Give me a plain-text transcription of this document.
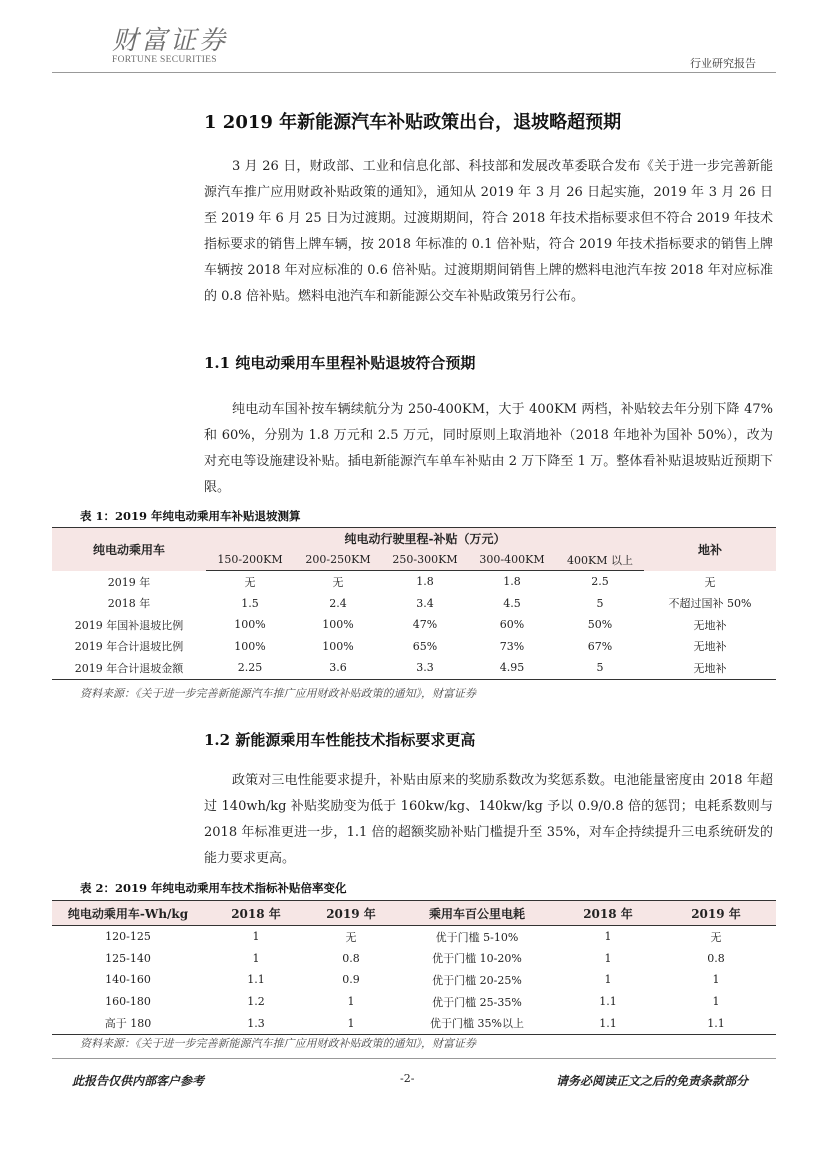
财富证券
FORTUNE SECURITIES	行业研究报告
1 2019 年新能源汽车补贴政策出台，退坡略超预期
3 月 26 日，财政部、工业和信息化部、科技部和发展改革委联合发布《关于进一步完善新能源汽车推广应用财政补贴政策的通知》，通知从 2019 年 3 月 26 日起实施，2019 年 3 月 26 日至 2019 年 6 月 25 日为过渡期。过渡期期间，符合 2018 年技术指标要求但不符合 2019 年技术指标要求的销售上牌车辆，按 2018 年标准的 0.1 倍补贴，符合 2019 年技术指标要求的销售上牌车辆按 2018 年对应标准的 0.6 倍补贴。过渡期期间销售上牌的燃料电池汽车按 2018 年对应标准的 0.8 倍补贴。燃料电池汽车和新能源公交车补贴政策另行公布。
1.1 纯电动乘用车里程补贴退坡符合预期
纯电动车国补按车辆续航分为 250-400KM，大于 400KM 两档，补贴较去年分别下降 47%和 60%，分别为 1.8 万元和 2.5 万元，同时原则上取消地补（2018 年地补为国补 50%），改为对充电等设施建设补贴。插电新能源汽车单车补贴由 2 万下降至 1 万。整体看补贴退坡贴近预期下限。
表 1：2019 年纯电动乘用车补贴退坡测算
纯电动乘用车	纯电动行驶里程-补贴（万元）					地补
	150-200KM	200-250KM	250-300KM	300-400KM	400KM 以上	
2019 年	无	无	1.8	1.8	2.5	无
2018 年	1.5	2.4	3.4	4.5	5	不超过国补 50%
2019 年国补退坡比例	100%	100%	47%	60%	50%	无地补
2019 年合计退坡比例	100%	100%	65%	73%	67%	无地补
2019 年合计退坡金额	2.25	3.6	3.3	4.95	5	无地补
资料来源：《关于进一步完善新能源汽车推广应用财政补贴政策的通知》，财富证券
1.2 新能源乘用车性能技术指标要求更高
政策对三电性能要求提升，补贴由原来的奖励系数改为奖惩系数。电池能量密度由 2018 年超过 140wh/kg 补贴奖励变为低于 160kw/kg、140kw/kg 予以 0.9/0.8 倍的惩罚；电耗系数则与 2018 年标准更进一步，1.1 倍的超额奖励补贴门槛提升至 35%，对车企持续提升三电系统研发的能力要求更高。
表 2：2019 年纯电动乘用车技术指标补贴倍率变化
纯电动乘用车-Wh/kg	2018 年	2019 年	乘用车百公里电耗	2018 年	2019 年
120-125	1	无	优于门槛 5-10%	1	无
125-140	1	0.8	优于门槛 10-20%	1	0.8
140-160	1.1	0.9	优于门槛 20-25%	1	1
160-180	1.2	1	优于门槛 25-35%	1.1	1
高于 180	1.3	1	优于门槛 35%以上	1.1	1.1
资料来源：《关于进一步完善新能源汽车推广应用财政补贴政策的通知》，财富证券
此报告仅供内部客户参考	-2-	请务必阅读正文之后的免责条款部分
